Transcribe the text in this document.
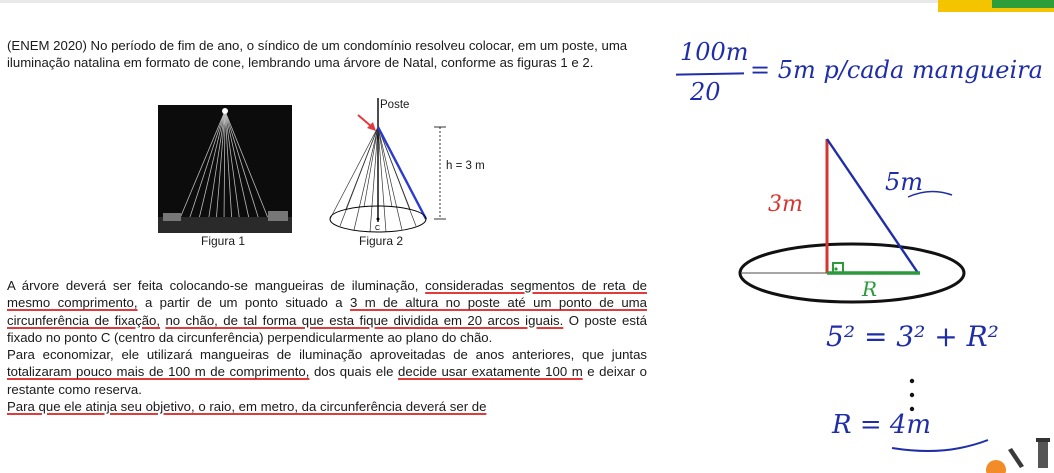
(ENEM 2020) No período de fim de ano, o síndico de um condomínio resolveu colocar, em um poste, uma iluminação natalina em formato de cone, lembrando uma árvore de Natal, conforme as figuras 1 e 2.

Figura 1
C
Poste
h = 3 m
Figura 2

A árvore deverá ser feita colocando-se mangueiras de iluminação, consideradas segmentos de reta de mesmo comprimento, a partir de um ponto situado a 3 m de altura no poste até um ponto de uma circunferência de fixação, no chão, de tal forma que esta fique dividida em 20 arcos iguais. O poste está fixado no ponto C (centro da circunferência) perpendicularmente ao plano do chão.
Para economizar, ele utilizará mangueiras de iluminação aproveitadas de anos anteriores, que juntas totalizaram pouco mais de 100 m de comprimento, dos quais ele decide usar exatamente 100 m e deixar o restante como reserva.
Para que ele atinja seu objetivo, o raio, em metro, da circunferência deverá ser de

100m
20
= 5m p/cada mangueira
3m
5m
R
5² = 3² + R²
R = 4m
